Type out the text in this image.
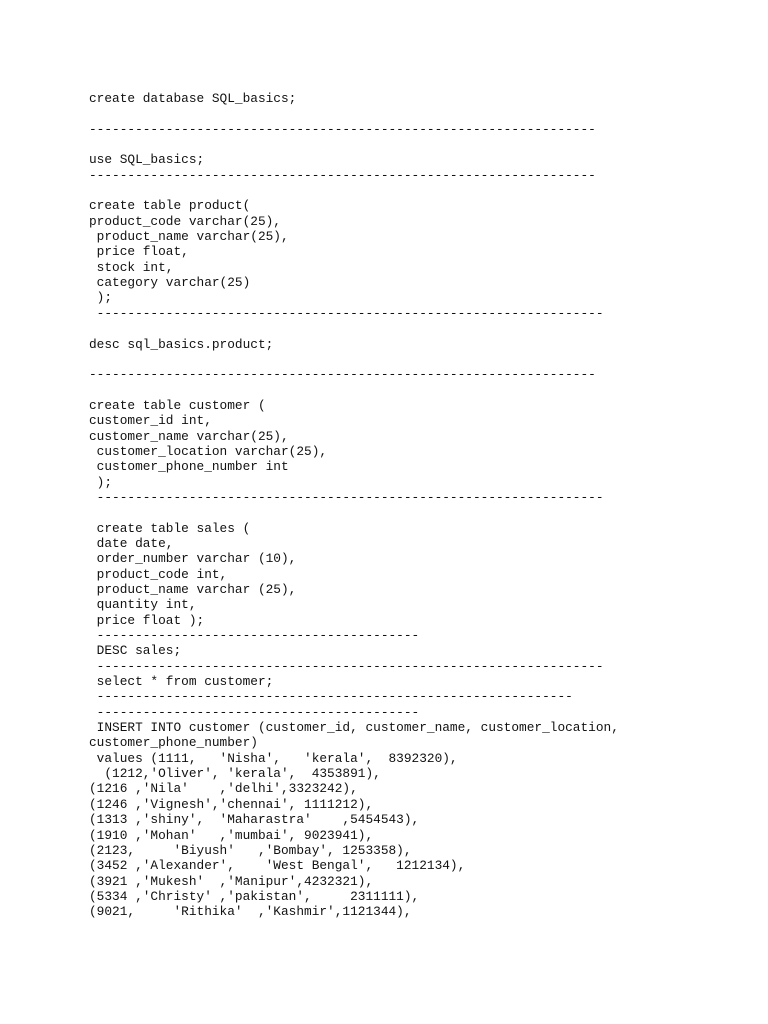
create database SQL_basics;
------------------------------------------------------------------
use SQL_basics;
------------------------------------------------------------------
create table product(
product_code varchar(25),
product_name varchar(25),
price float,
stock int,
category varchar(25)
);
------------------------------------------------------------------
desc sql_basics.product;
------------------------------------------------------------------
create table customer (
customer_id int,
customer_name varchar(25),
customer_location varchar(25),
customer_phone_number int
);
------------------------------------------------------------------
create table sales (
date date,
order_number varchar (10),
product_code int,
product_name varchar (25),
quantity int,
price float );
------------------------------------------
DESC sales;
------------------------------------------------------------------
select * from customer;
--------------------------------------------------------------
------------------------------------------
INSERT INTO customer (customer_id, customer_name, customer_location,
customer_phone_number)
values (1111,   'Nisha',   'kerala',  8392320),
(1212,'Oliver', 'kerala',  4353891),
(1216 ,'Nila'    ,'delhi',3323242),
(1246 ,'Vignesh','chennai', 1111212),
(1313 ,'shiny',  'Maharastra'    ,5454543),
(1910 ,'Mohan'   ,'mumbai', 9023941),
(2123,     'Biyush'   ,'Bombay', 1253358),
(3452 ,'Alexander',    'West Bengal',   1212134),
(3921 ,'Mukesh'  ,'Manipur',4232321),
(5334 ,'Christy' ,'pakistan',     2311111),
(9021,     'Rithika'  ,'Kashmir',1121344),
